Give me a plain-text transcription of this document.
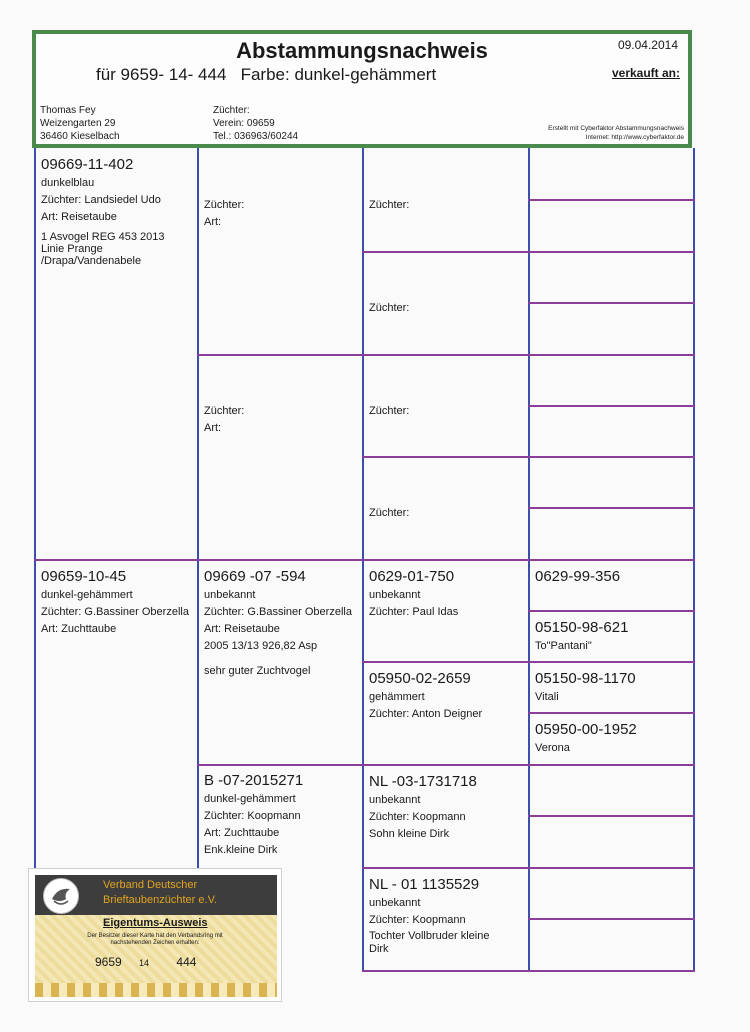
Abstammungsnachweis
für 9659- 14- 444   Farbe: dunkel-gehämmert
09.04.2014
verkauft an:
Thomas Fey
Weizengarten 29
36460 Kieselbach
Züchter:
Verein: 09659
Tel.: 036963/60244
Erstellt mit Cyberfaktor Abstammungsnachweis
Internet: http://www.cyberfaktor.de
09669-11-402
dunkelblau
Züchter: Landsiedel Udo
Art: Reisetaube
1 Asvogel REG 453 2013
Linie Prange
/Drapa/Vandenabele
Züchter:
Art:
Züchter:
Art:
Züchter:
Züchter:
Züchter:
Züchter:
09659-10-45
dunkel-gehämmert
Züchter: G.Bassiner Oberzella
Art: Zuchttaube
09669 -07 -594
unbekannt
Züchter: G.Bassiner Oberzella
Art: Reisetaube
2005 13/13 926,82 Asp
sehr guter Zuchtvogel
B -07-2015271
dunkel-gehämmert
Züchter: Koopmann
Art: Zuchttaube
Enk.kleine Dirk
0629-01-750
unbekannt
Züchter: Paul Idas
05950-02-2659
gehämmert
Züchter: Anton Deigner
NL -03-1731718
unbekannt
Züchter: Koopmann
Sohn kleine Dirk
NL - 01 1135529
unbekannt
Züchter: Koopmann
Tochter Vollbruder kleine
Dirk
0629-99-356
05150-98-621
To"Pantani"
05150-98-1170
Vitali
05950-00-1952
Verona
Verband Deutscher
Brieftaubenzüchter e.V.
Eigentums-Ausweis
Der Besitzer dieser Karte hat den Verbandsring mit nachstehenden Zeichen erhalten:
9659 14 444
